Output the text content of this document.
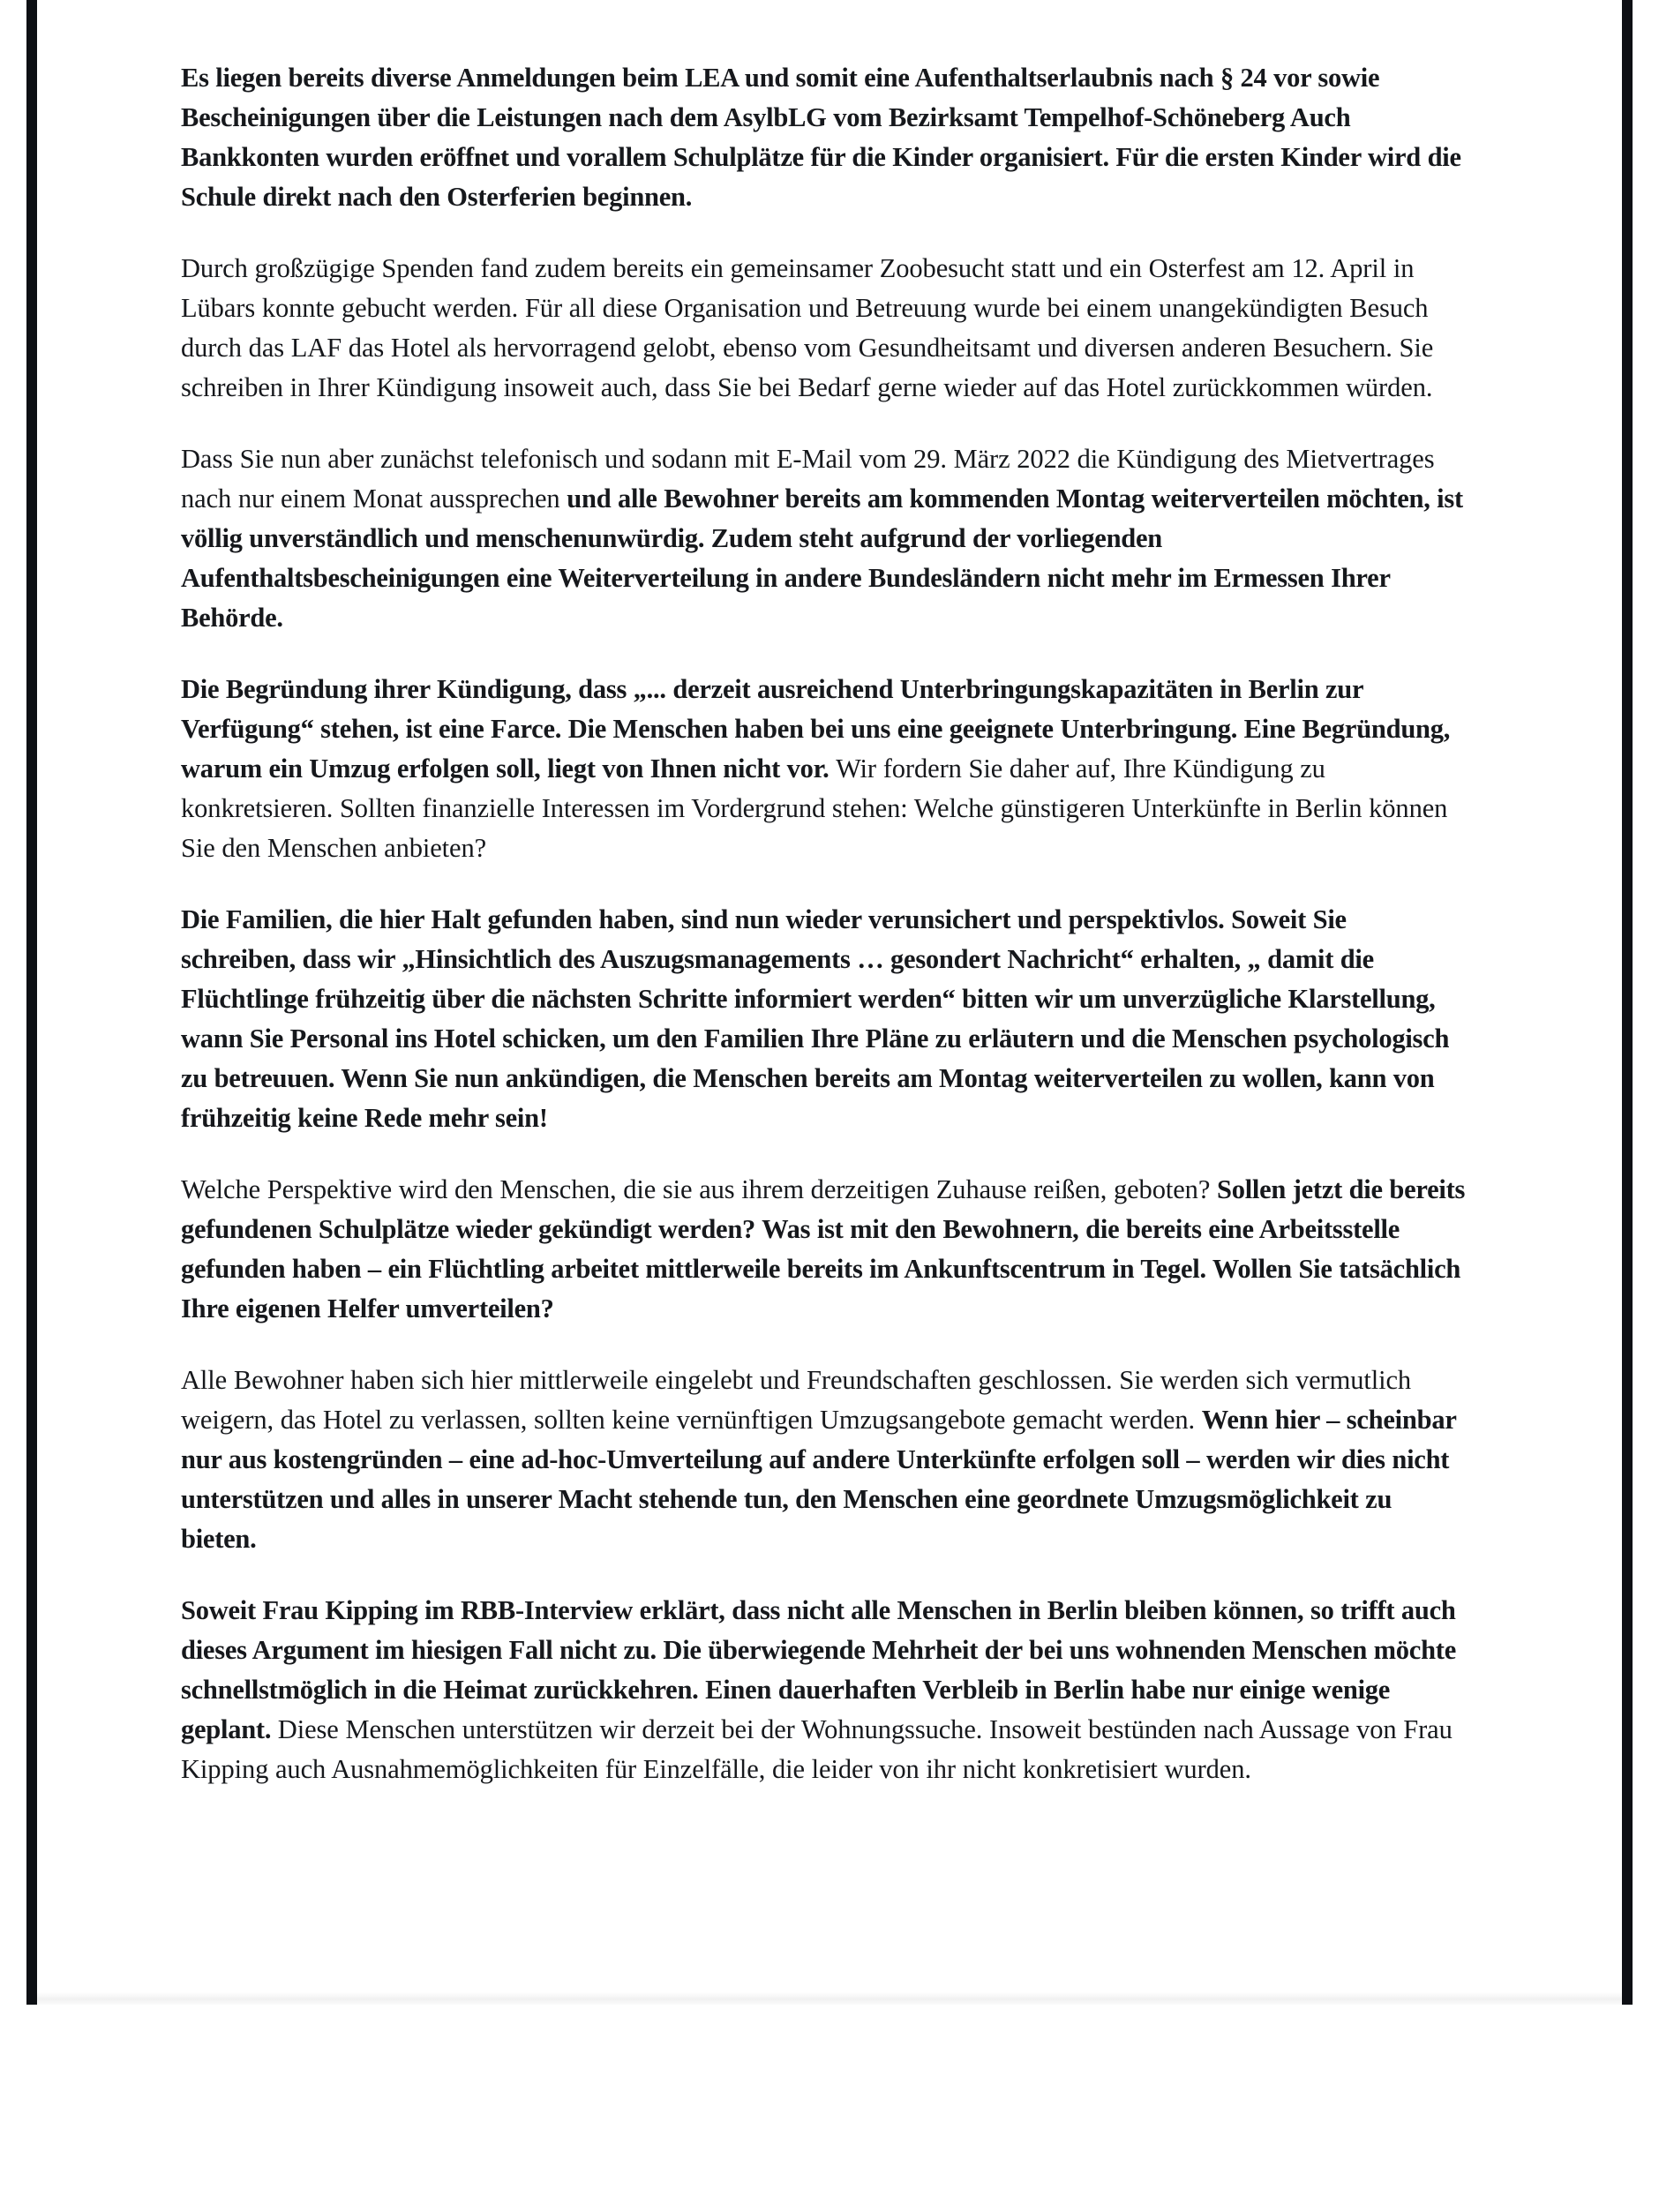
Es liegen bereits diverse Anmeldungen beim LEA und somit eine Aufenthaltserlaubnis nach § 24 vor sowie Bescheinigungen über die Leistungen nach dem AsylbLG vom Bezirksamt Tempelhof-Schöneberg Auch Bankkonten wurden eröffnet und vorallem Schulplätze für die Kinder organisiert. Für die ersten Kinder wird die Schule direkt nach den Osterferien beginnen.

Durch großzügige Spenden fand zudem bereits ein gemeinsamer Zoobesucht statt und ein Osterfest am 12. April in Lübars konnte gebucht werden. Für all diese Organisation und Betreuung wurde bei einem unangekündigten Besuch durch das LAF das Hotel als hervorragend gelobt, ebenso vom Gesundheitsamt und diversen anderen Besuchern. Sie schreiben in Ihrer Kündigung insoweit auch, dass Sie bei Bedarf gerne wieder auf das Hotel zurückkommen würden.

Dass Sie nun aber zunächst telefonisch und sodann mit E-Mail vom 29. März 2022 die Kündigung des Mietvertrages nach nur einem Monat aussprechen und alle Bewohner bereits am kommenden Montag weiterverteilen möchten, ist völlig unverständlich und menschenunwürdig. Zudem steht aufgrund der vorliegenden Aufenthaltsbescheinigungen eine Weiterverteilung in andere Bundesländern nicht mehr im Ermessen Ihrer Behörde.

Die Begründung ihrer Kündigung, dass „... derzeit ausreichend Unterbringungskapazitäten in Berlin zur Verfügung“ stehen, ist eine Farce. Die Menschen haben bei uns eine geeignete Unterbringung. Eine Begründung, warum ein Umzug erfolgen soll, liegt von Ihnen nicht vor. Wir fordern Sie daher auf, Ihre Kündigung zu konkretsieren. Sollten finanzielle Interessen im Vordergrund stehen: Welche günstigeren Unterkünfte in Berlin können Sie den Menschen anbieten?

Die Familien, die hier Halt gefunden haben, sind nun wieder verunsichert und perspektivlos. Soweit Sie schreiben, dass wir „Hinsichtlich des Auszugsmanagements … gesondert Nachricht“ erhalten, „ damit die Flüchtlinge frühzeitig über die nächsten Schritte informiert werden“ bitten wir um unverzügliche Klarstellung, wann Sie Personal ins Hotel schicken, um den Familien Ihre Pläne zu erläutern und die Menschen psychologisch zu betreuuen. Wenn Sie nun ankündigen, die Menschen bereits am Montag weiterverteilen zu wollen, kann von frühzeitig keine Rede mehr sein!

Welche Perspektive wird den Menschen, die sie aus ihrem derzeitigen Zuhause reißen, geboten? Sollen jetzt die bereits gefundenen Schulplätze wieder gekündigt werden? Was ist mit den Bewohnern, die bereits eine Arbeitsstelle gefunden haben – ein Flüchtling arbeitet mittlerweile bereits im Ankunftscentrum in Tegel. Wollen Sie tatsächlich Ihre eigenen Helfer umverteilen?

Alle Bewohner haben sich hier mittlerweile eingelebt und Freundschaften geschlossen. Sie werden sich vermutlich weigern, das Hotel zu verlassen, sollten keine vernünftigen Umzugsangebote gemacht werden. Wenn hier – scheinbar nur aus kostengründen – eine ad-hoc-Umverteilung auf andere Unterkünfte erfolgen soll – werden wir dies nicht unterstützen und alles in unserer Macht stehende tun, den Menschen eine geordnete Umzugsmöglichkeit zu bieten.

Soweit Frau Kipping im RBB-Interview erklärt, dass nicht alle Menschen in Berlin bleiben können, so trifft auch dieses Argument im hiesigen Fall nicht zu. Die überwiegende Mehrheit der bei uns wohnenden Menschen möchte schnellstmöglich in die Heimat zurückkehren. Einen dauerhaften Verbleib in Berlin habe nur einige wenige geplant. Diese Menschen unterstützen wir derzeit bei der Wohnungssuche. Insoweit bestünden nach Aussage von Frau Kipping auch Ausnahmemöglichkeiten für Einzelfälle, die leider von ihr nicht konkretisiert wurden.
